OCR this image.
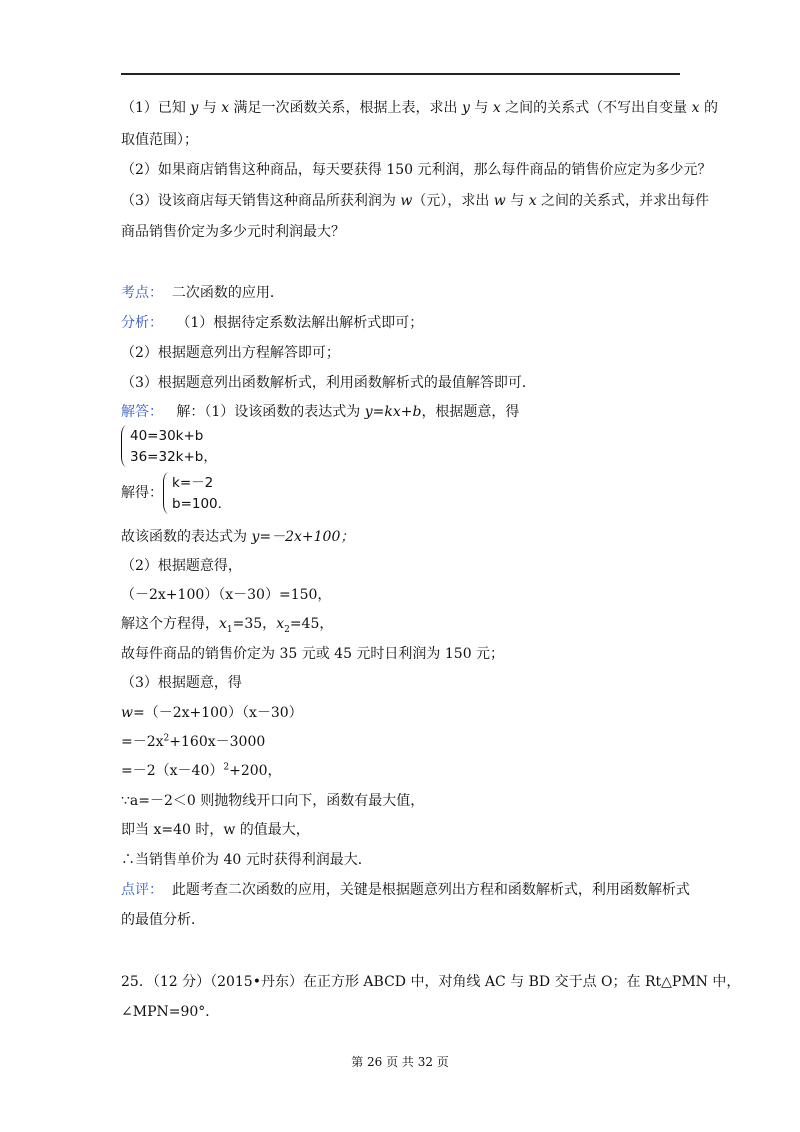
（1）已知 y 与 x 满足一次函数关系，根据上表，求出 y 与 x 之间的关系式（不写出自变量 x 的
取值范围）；
（2）如果商店销售这种商品，每天要获得 150 元利润，那么每件商品的销售价应定为多少元？
（3）设该商店每天销售这种商品所获利润为 w（元），求出 w 与 x 之间的关系式，并求出每件
商品销售价定为多少元时利润最大？
考点： 二次函数的应用．
分析： （1）根据待定系数法解出解析式即可；
（2）根据题意列出方程解答即可；
（3）根据题意列出函数解析式，利用函数解析式的最值解答即可．
解答： 解：（1）设该函数的表达式为 y=kx+b，根据题意，得
40=30k+b
36=32k+b，
解得：
k=－2
b=100．
故该函数的表达式为 y=－2x+100；
（2）根据题意得，
（－2x+100）（x－30）=150，
解这个方程得，$x_1=35$，$x_2=45$，
故每件商品的销售价定为 35 元或 45 元时日利润为 150 元；
（3）根据题意，得
w=（－2x+100）（x－30）
$=-2x^2+160x-3000$
$=-2(x-40)^2+200$，
∵a=－2＜0 则抛物线开口向下，函数有最大值，
即当 x=40 时，w 的值最大，
∴当销售单价为 40 元时获得利润最大．
点评： 此题考查二次函数的应用，关键是根据题意列出方程和函数解析式，利用函数解析式
的最值分析．
25．（12 分）（2015•丹东）在正方形 ABCD 中，对角线 AC 与 BD 交于点 O；在 Rt△PMN 中，
∠MPN=90°．
第 26 页 共 32 页
